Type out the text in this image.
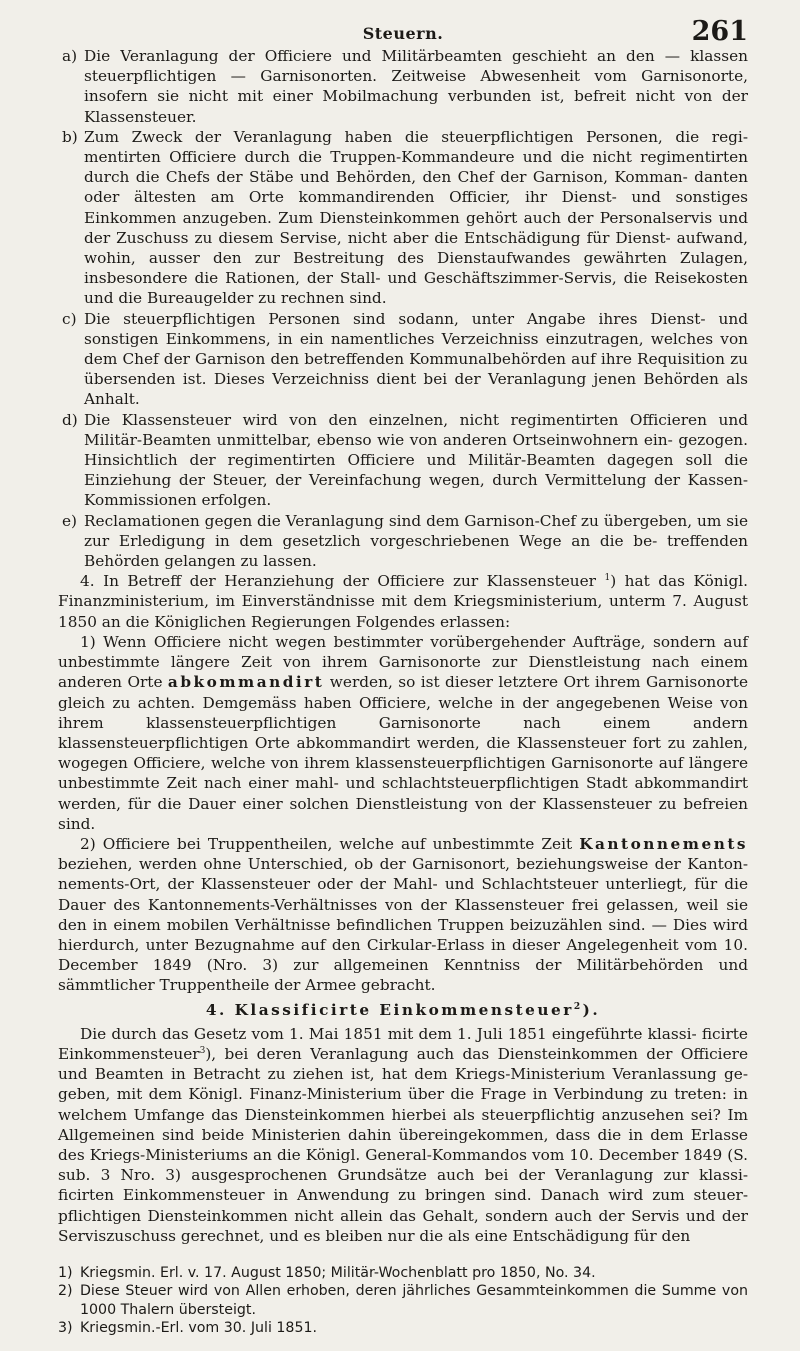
Steuern.	261
a) Die Veranlagung der Officiere und Militärbeamten geschieht an den — klassen steuerpflichtigen — Garnisonorten. Zeitweise Abwesenheit vom Garnisonorte, insofern sie nicht mit einer Mobilmachung verbunden ist, befreit nicht von der Klassensteuer.
b) Zum Zweck der Veranlagung haben die steuerpflichtigen Personen, die regi- mentirten Officiere durch die Truppen-Kommandeure und die nicht regimentirten durch die Chefs der Stäbe und Behörden, den Chef der Garnison, Komman- danten oder ältesten am Orte kommandirenden Officier, ihr Dienst- und sonstiges Einkommen anzugeben. Zum Diensteinkommen gehört auch der Personalservis und der Zuschuss zu diesem Servise, nicht aber die Entschädigung für Dienst- aufwand, wohin, ausser den zur Bestreitung des Dienstaufwandes gewährten Zulagen, insbesondere die Rationen, der Stall- und Geschäftszimmer-Servis, die Reisekosten und die Bureaugelder zu rechnen sind.
c) Die steuerpflichtigen Personen sind sodann, unter Angabe ihres Dienst- und sonstigen Einkommens, in ein namentliches Verzeichniss einzutragen, welches von dem Chef der Garnison den betreffenden Kommunalbehörden auf ihre Requisition zu übersenden ist. Dieses Verzeichniss dient bei der Veranlagung jenen Behörden als Anhalt.
d) Die Klassensteuer wird von den einzelnen, nicht regimentirten Officieren und Militär-Beamten unmittelbar, ebenso wie von anderen Ortseinwohnern ein- gezogen. Hinsichtlich der regimentirten Officiere und Militär-Beamten dagegen soll die Einziehung der Steuer, der Vereinfachung wegen, durch Vermittelung der Kassen-Kommissionen erfolgen.
e) Reclamationen gegen die Veranlagung sind dem Garnison-Chef zu übergeben, um sie zur Erledigung in dem gesetzlich vorgeschriebenen Wege an die be- treffenden Behörden gelangen zu lassen.

4. In Betreff der Heranziehung der Officiere zur Klassensteuer $^1$) hat das Königl. Finanzministerium, im Einverständnisse mit dem Kriegsministerium, unterm 7. August 1850 an die Königlichen Regierungen Folgendes erlassen:

1) Wenn Officiere nicht wegen bestimmter vorübergehender Aufträge, sondern auf unbestimmte längere Zeit von ihrem Garnisonorte zur Dienstleistung nach einem anderen Orte abkommandirt werden, so ist dieser letztere Ort ihrem Garnisonorte gleich zu achten. Demgemäss haben Officiere, welche in der angegebenen Weise von ihrem klassensteuerpflichtigen Garnisonorte nach einem andern klassensteuerpflichtigen Orte abkommandirt werden, die Klassensteuer fort zu zahlen, wogegen Officiere, welche von ihrem klassensteuerpflichtigen Garnisonorte auf längere unbestimmte Zeit nach einer mahl- und schlachtsteuerpflichtigen Stadt abkommandirt werden, für die Dauer einer solchen Dienstleistung von der Klassensteuer zu befreien sind.

2) Officiere bei Truppentheilen, welche auf unbestimmte Zeit Kantonnements beziehen, werden ohne Unterschied, ob der Garnisonort, beziehungsweise der Kanton- nements-Ort, der Klassensteuer oder der Mahl- und Schlachtsteuer unterliegt, für die Dauer des Kantonnements-Verhältnisses von der Klassensteuer frei gelassen, weil sie den in einem mobilen Verhältnisse befindlichen Truppen beizuzählen sind. — Dies wird hierdurch, unter Bezugnahme auf den Cirkular-Erlass in dieser Angelegenheit vom 10. December 1849 (Nro. 3) zur allgemeinen Kenntniss der Militärbehörden und sämmtlicher Truppentheile der Armee gebracht.

4. Klassificirte Einkommensteuer$^2$).

Die durch das Gesetz vom 1. Mai 1851 mit dem 1. Juli 1851 eingeführte klassi- ficirte Einkommensteuer$^3$), bei deren Veranlagung auch das Diensteinkommen der Officiere und Beamten in Betracht zu ziehen ist, hat dem Kriegs-Ministerium Veranlassung ge- geben, mit dem Königl. Finanz-Ministerium über die Frage in Verbindung zu treten: in welchem Umfange das Diensteinkommen hierbei als steuerpflichtig anzusehen sei? Im Allgemeinen sind beide Ministerien dahin übereingekommen, dass die in dem Erlasse des Kriegs-Ministeriums an die Königl. General-Kommandos vom 10. December 1849 (S. sub. 3 Nro. 3) ausgesprochenen Grundsätze auch bei der Veranlagung zur klassi- ficirten Einkommensteuer in Anwendung zu bringen sind. Danach wird zum steuer- pflichtigen Diensteinkommen nicht allein das Gehalt, sondern auch der Servis und der Serviszuschuss gerechnet, und es bleiben nur die als eine Entschädigung für den

1) Kriegsmin. Erl. v. 17. August 1850; Militär-Wochenblatt pro 1850, No. 34.
2) Diese Steuer wird von Allen erhoben, deren jährliches Gesammteinkommen die Summe von 1000 Thalern übersteigt.
3) Kriegsmin.-Erl. vom 30. Juli 1851.
